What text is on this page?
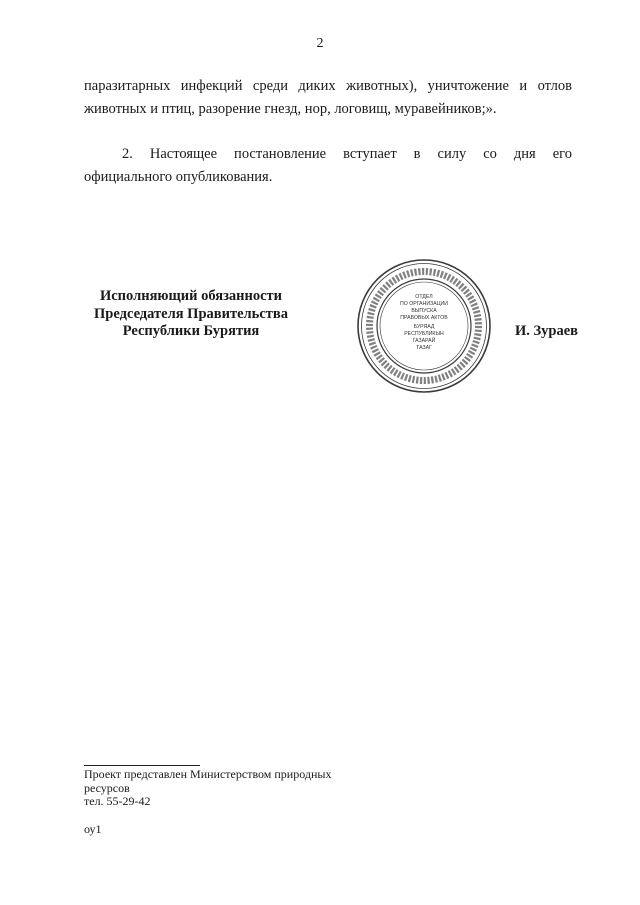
2
паразитарных инфекций среди диких животных), уничтожение и отлов
животных и птиц, разорение гнезд, нор, логовищ, муравейников;».
2. Настоящее постановление вступает в силу со дня его
официального опубликования.
Исполняющий обязанности
Председателя Правительства
Республики Бурятия
ОТДЕЛ
ПО ОРГАНИЗАЦИИ
ВЫПУСКА
ПРАВОВЫХ АКТОВ
БУРЯАД
РЕСПУБЛИКЫН
ГАЗАРАЙ
ТАЗАГ
И. Зураев
Проект представлен Министерством природных
ресурсов
тел. 55-29-42
оу1
